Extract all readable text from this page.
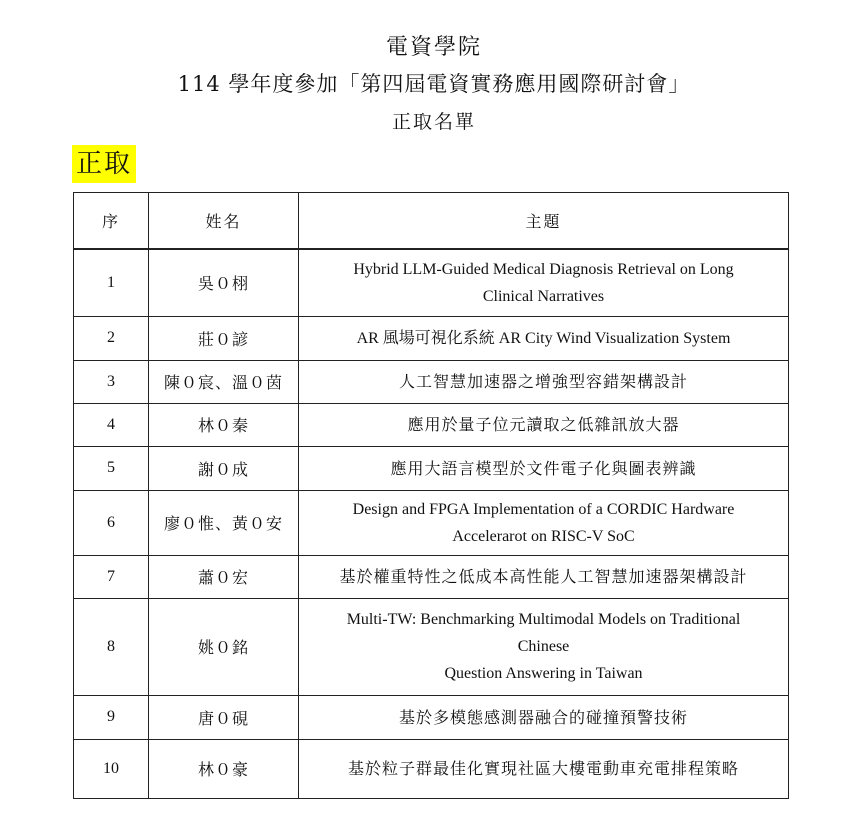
電資學院
114 學年度參加「第四屆電資實務應用國際研討會」
正取名單
正取
序	姓名	主題
1	吳０栩	Hybrid LLM-Guided Medical Diagnosis Retrieval on Long
Clinical Narratives

2	莊０諺	AR 風場可視化系統 AR City Wind Visualization System

3	陳０宸、溫０茵	人工智慧加速器之增強型容錯架構設計

4	林０秦	應用於量子位元讀取之低雜訊放大器

5	謝０成	應用大語言模型於文件電子化與圖表辨識

6	廖０惟、黃０安	Design and FPGA Implementation of a CORDIC Hardware
Accelerarot on RISC-V SoC

7	蕭０宏	基於權重特性之低成本高性能人工智慧加速器架構設計

8	姚０銘	Multi-TW: Benchmarking Multimodal Models on Traditional
Chinese
Question Answering in Taiwan

9	唐０硯	基於多模態感測器融合的碰撞預警技術

10	林０豪	基於粒子群最佳化實現社區大樓電動車充電排程策略
